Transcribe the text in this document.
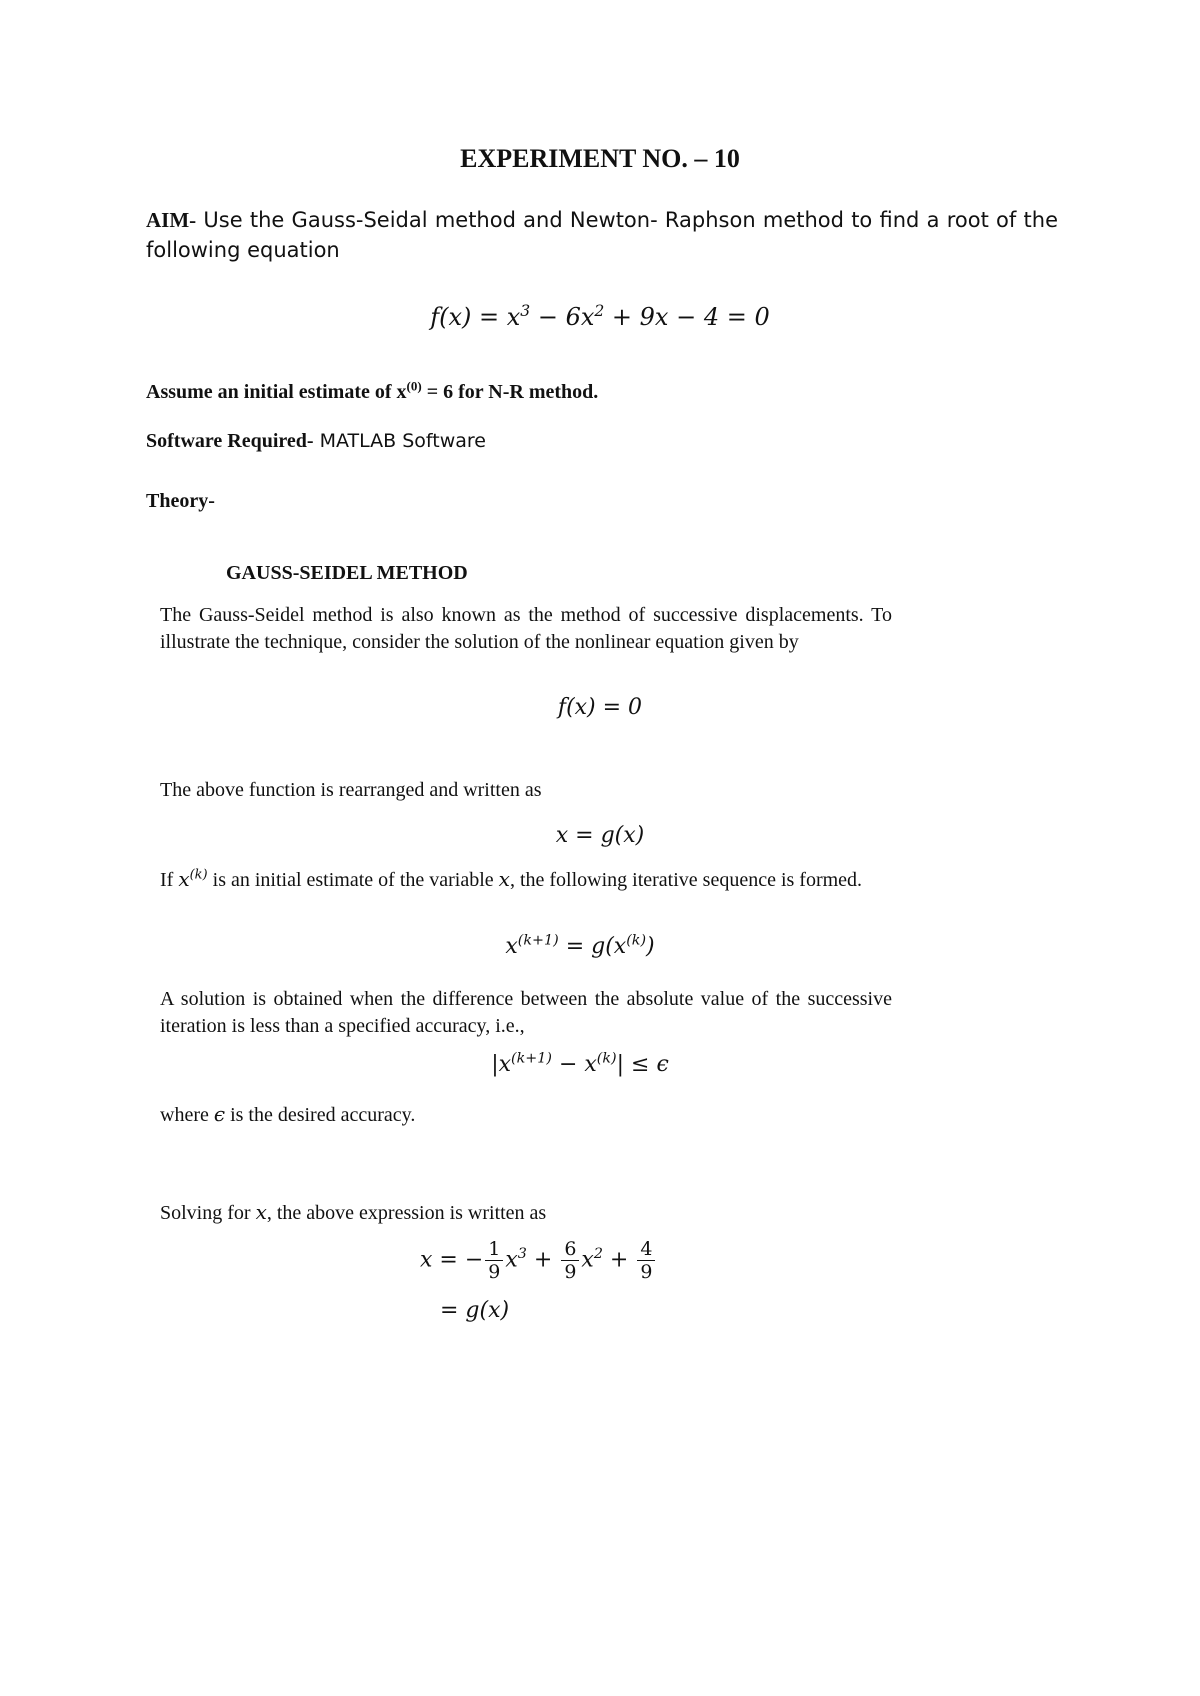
EXPERIMENT NO. – 10

AIM- Use the Gauss-Seidal method and Newton- Raphson method to find a root of the following equation

$f(x) = x^3 - 6x^2 + 9x - 4 = 0$

Assume an initial estimate of $x^{(0)} = 6$ for N-R method.

Software Required- MATLAB Software

Theory-

GAUSS-SEIDEL METHOD

The Gauss-Seidel method is also known as the method of successive displacements. To illustrate the technique, consider the solution of the nonlinear equation given by

f(x) = 0

The above function is rearranged and written as

x = g(x)

If $x^{(k)}$ is an initial estimate of the variable x, the following iterative sequence is formed.

$x^{(k+1)} = g(x^{(k)})$

A solution is obtained when the difference between the absolute value of the successive iteration is less than a specified accuracy, i.e.,

$|x^{(k+1)} - x^{(k)}| \le \epsilon$

where ϵ is the desired accuracy.

Solving for x, the above expression is written as

x = − $\frac{1}{9} x^3 + \frac{6}{9} x^2 + \frac{4}{9}$
= g(x)
